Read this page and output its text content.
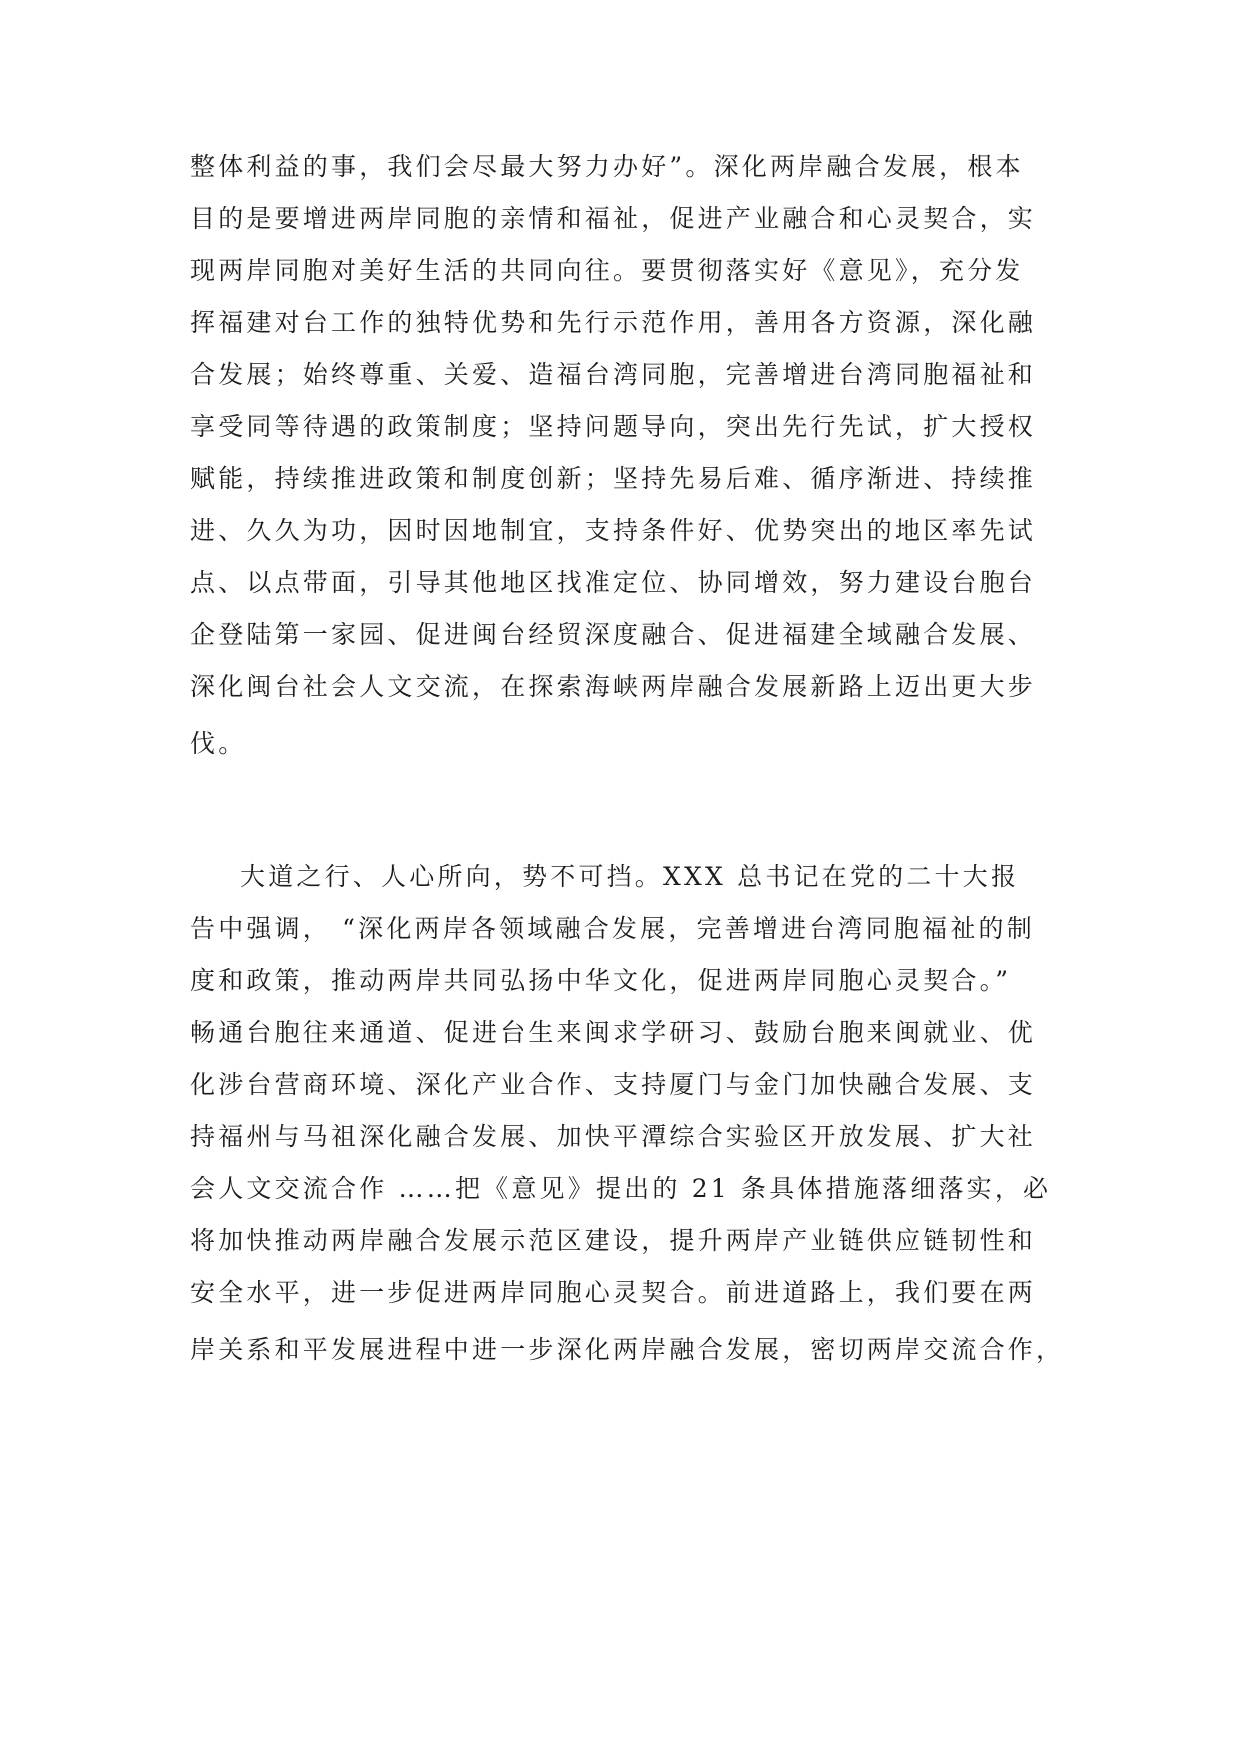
整体利益的事，我们会尽最大努力办好”。深化两岸融合发展，根本

目的是要增进两岸同胞的亲情和福祉，促进产业融合和心灵契合，实

现两岸同胞对美好生活的共同向往。要贯彻落实好《意见》，充分发

挥福建对台工作的独特优势和先行示范作用，善用各方资源，深化融

合发展；始终尊重、关爱、造福台湾同胞，完善增进台湾同胞福祉和

享受同等待遇的政策制度；坚持问题导向，突出先行先试，扩大授权

赋能，持续推进政策和制度创新；坚持先易后难、循序渐进、持续推

进、久久为功，因时因地制宜，支持条件好、优势突出的地区率先试

点、以点带面，引导其他地区找准定位、协同增效，努力建设台胞台

企登陆第一家园、促进闽台经贸深度融合、促进福建全域融合发展、

深化闽台社会人文交流，在探索海峡两岸融合发展新路上迈出更大步

伐。

大道之行、人心所向，势不可挡。XXX 总书记在党的二十大报

告中强调， “深化两岸各领域融合发展，完善增进台湾同胞福祉的制

度和政策，推动两岸共同弘扬中华文化，促进两岸同胞心灵契合。”

畅通台胞往来通道、促进台生来闽求学研习、鼓励台胞来闽就业、优

化涉台营商环境、深化产业合作、支持厦门与金门加快融合发展、支

持福州与马祖深化融合发展、加快平潭综合实验区开放发展、扩大社

会人文交流合作 ……把《意见》提出的 21 条具体措施落细落实，必

将加快推动两岸融合发展示范区建设，提升两岸产业链供应链韧性和

安全水平，进一步促进两岸同胞心灵契合。前进道路上，我们要在两

岸关系和平发展进程中进一步深化两岸融合发展，密切两岸交流合作，
